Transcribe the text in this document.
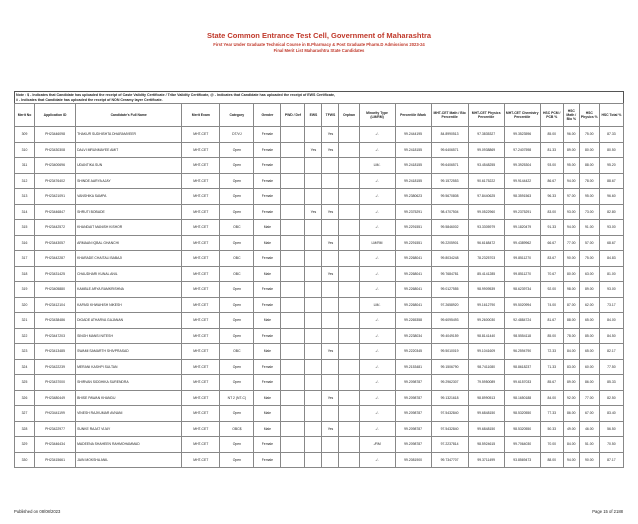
State Common Entrance Test Cell, Government of Maharashtra
First Year Under Graduate Technical Course in B.Pharmacy & Post Graduate Pharm.D Admissions 2023-24
Final Merit List Maharashtra State Candidates
Note : $ - Indicates that Candidate has uploaded the receipt of Caste Validity Certificate / Tribe Validity Certificate, @ - Indicates that Candidate has uploaded the receipt of EWS Certificate,
# - Indicates that Candidate has uploaded the receipt of NON Creamy layer Certificate.
Merit No	Application ID	Candidate's Full Name	Merit Exam	Category	Gender	PWD / Def	EWS	TFWS	Orphan	Minority Type (LM/RM)	Percentile /Mark	MHT-CET Math / Bio Percentile	MHT-CET Physics Percentile	MHT-CET Chemistry Percentile	HSC PCM / PCB %	HSC Math / Bio %	HSC Physics %	HSC Total %
309	PH23446098	THAKUR SUDHISHTA DHARAMVEER	MHT-CET	DT/VJ	Female			Yes		-/-	99.2444195	84.8990513	97.3835327	99.3523596	85.00	96.00	75.00	87.33
310	PH23430308	DALVI MRUNMAYEE AMIT	MHT-CET	Open	Female		Yes	Yes		-/-	99.2418155	99.6406571	99.0938869	97.2407598	81.33	89.00	80.00	80.50
311	PH23400696	UDANTIKA SUN	MHT-CET	Open	Female					LM/-	99.2418155	99.6406571	93.4548255	99.3925304	93.00	95.00	88.00	95.20
312	PH23476402	SHINDE AARYA AJAY	MHT-CET	Open	Female					-/-	99.2418155	99.1572553	90.6175222	99.9144422	86.67	94.00	78.00	88.67
313	PH23421091	VANSHIKA SAMPA	MHT-CET	Open	Female					-/-	99.2380623	99.5670808	97.8440625	98.3591563	96.33	97.00	95.00	96.60
314	PH23446847	SHRUTI BOBADE	MHT-CET	Open	Female		Yes	Yes		-/-	99.2375291	98.4707504	99.0522960	99.2375291	83.00	93.00	73.00	82.80
315	PH23442572	KHANDAIT MANISH KISHOR	MHT-CET	OBC	Male					-/-	99.2291551	99.5846002	93.3305979	99.1820479	91.33	94.00	91.00	93.00
316	PH23443057	ARMAAN IQBAL GHANCHI	MHT-CET	Open	Male			Yes		LM/RM	99.2291551	99.2205901	96.6168472	99.4389962	66.67	77.00	57.00	68.67
317	PH23442287	KHARADE CHAITALI BABAJI	MHT-CET	OBC	Female					-/-	99.2268041	99.8034248	78.2325703	99.8511270	83.67	90.00	75.00	84.83
318	PH23431425	CHAUDHARI KUNAL ANIL	MHT-CET	OBC	Male			Yes		-/-	99.2268041	99.7684781	85.4141285	99.8511270	70.67	80.00	63.00	81.00
319	PH23405880	KAMBLE ARYA RAMKRISHNA	MHT-CET	Open	Female					-/-	99.2268041	99.0127555	98.9909539	98.6239734	92.00	98.00	89.00	93.00
320	PH23412104	KAPASI KHWAHISH NIKESH	MHT-CET	Open	Female					LM/-	99.2268041	97.2658920	99.1612790	99.5020994	74.00	87.00	62.00	73.17
321	PH23438486	DIGADE ATHARVA GAJANAN	MHT-CET	Open	Male					-/-	99.2265358	99.6095493	99.2600030	92.4884724	81.67	88.00	65.00	84.00
322	PH23447203	SINGH MANSI NITESH	MHT-CET	Open	Female					-/-	99.2238034	99.4049159	98.8141440	98.5554118	85.00	78.00	85.00	84.50
323	PH23413485	SWAMI SAMARTH SHIVPRASAD	MHT-CET	OBC	Male			Yes		-/-	99.2220345	99.5010019	99.1041609	96.2594790	72.33	84.00	65.00	82.17
324	PH23422239	MERANI KASHPI SULTAN	MHT-CET	Open	Female					-/-	99.2153481	99.1506790	98.7411080	98.8618237	71.33	83.00	60.00	77.50
325	PH23437000	SHIRVAN SIDDHIKA SURENDRA	MHT-CET	Open	Female					-/-	99.2098787	99.2962307	79.5950089	99.6157033	85.67	89.00	86.00	85.33
326	PH23480449	BHISE PAWAN KHANDU	MHT-CET	NT 2 (NT-C)	Male			Yes		-/-	99.2098787	99.1321618	98.8990513	98.1650188	84.00	92.00	77.00	82.50
327	PH23441199	VINESH RAJKUMAR AVNANI	MHT-CET	Open	Male					-/-	99.2098787	97.5432840	99.6848150	98.5320550	77.33	86.00	67.00	83.40
328	PH23422977	SUNKE RAJAT VIJAY	MHT-CET	OBC$	Male			Yes		-/-	99.2098787	97.5432840	99.6848150	98.5320550	50.33	49.00	46.00	56.50
329	PH23446434	MADEENA SHAHEEN RAHMOHAMMAD	MHT-CET	Open	Female					-/RM	99.2098787	97.2237814	98.5924615	99.7064030	70.00	84.00	51.00	70.50
330	PH23415661	JAIN MOKSHA ANIL	MHT-CET	Open	Female					-/-	99.2081900	99.7347707	99.3711499	93.8569473	88.00	94.00	90.00	87.17
Published on 08/08/2023	Page 15 of 2188
